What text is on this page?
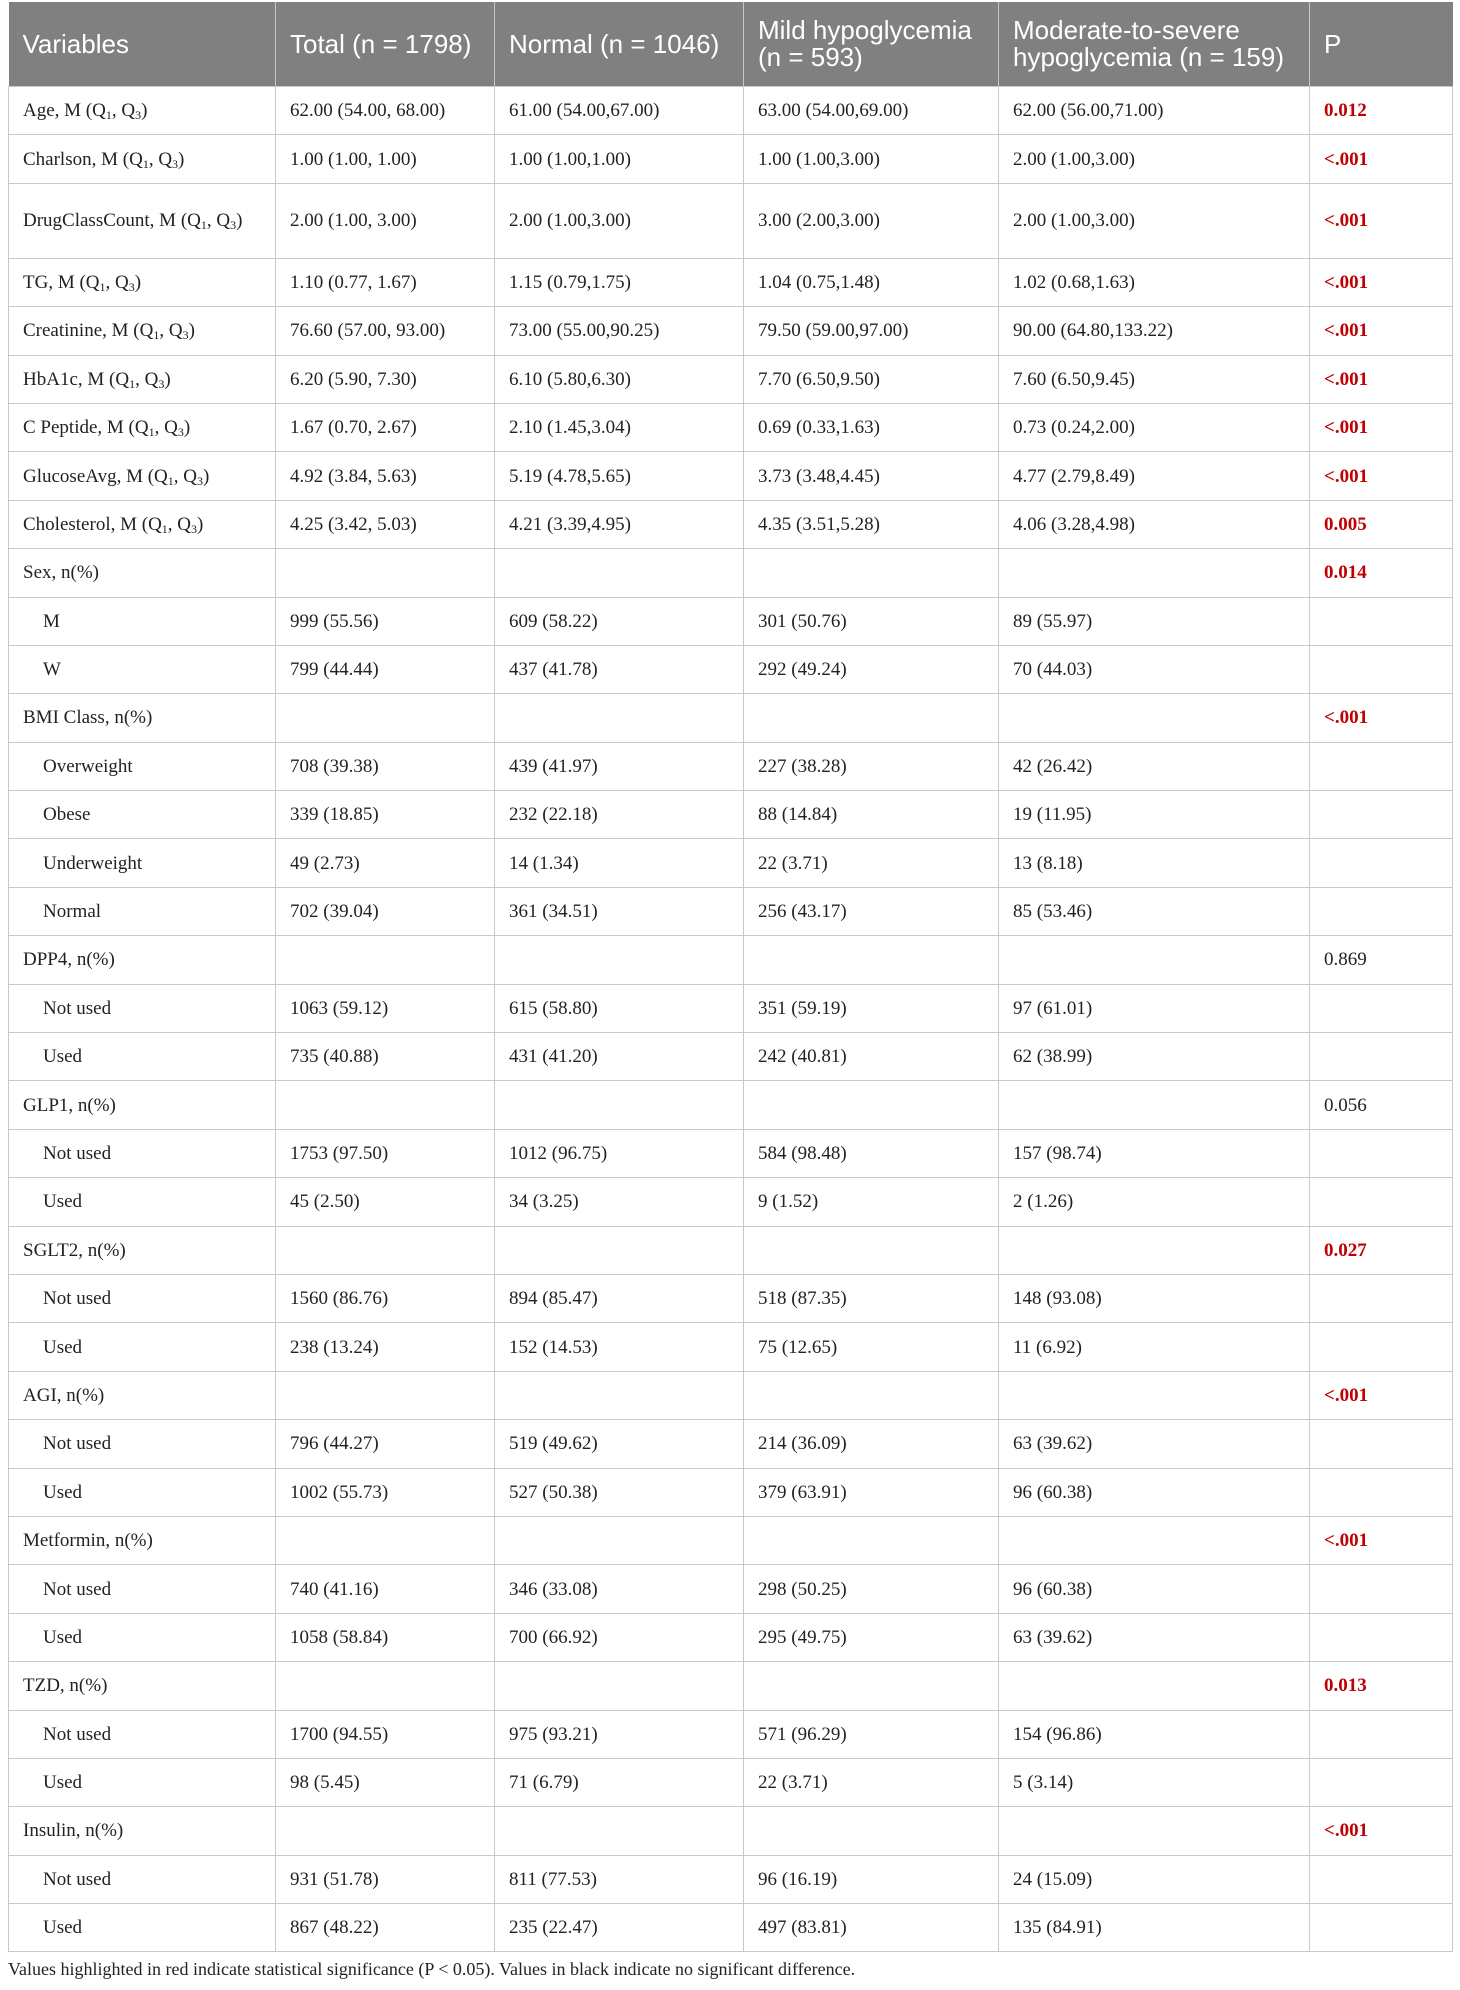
Variables	Total (n = 1798)	Normal (n = 1046)	Mild hypoglycemia (n = 593)	Moderate-to-severe hypoglycemia (n = 159)	P
Age, M ($Q_1$, $Q_3$)	62.00 (54.00, 68.00)	61.00 (54.00,67.00)	63.00 (54.00,69.00)	62.00 (56.00,71.00)	0.012
Charlson, M ($Q_1$, $Q_3$)	1.00 (1.00, 1.00)	1.00 (1.00,1.00)	1.00 (1.00,3.00)	2.00 (1.00,3.00)	<.001
DrugClassCount, M ($Q_1$, $Q_3$)	2.00 (1.00, 3.00)	2.00 (1.00,3.00)	3.00 (2.00,3.00)	2.00 (1.00,3.00)	<.001
TG, M ($Q_1$, $Q_3$)	1.10 (0.77, 1.67)	1.15 (0.79,1.75)	1.04 (0.75,1.48)	1.02 (0.68,1.63)	<.001
Creatinine, M ($Q_1$, $Q_3$)	76.60 (57.00, 93.00)	73.00 (55.00,90.25)	79.50 (59.00,97.00)	90.00 (64.80,133.22)	<.001
HbA1c, M ($Q_1$, $Q_3$)	6.20 (5.90, 7.30)	6.10 (5.80,6.30)	7.70 (6.50,9.50)	7.60 (6.50,9.45)	<.001
C Peptide, M ($Q_1$, $Q_3$)	1.67 (0.70, 2.67)	2.10 (1.45,3.04)	0.69 (0.33,1.63)	0.73 (0.24,2.00)	<.001
GlucoseAvg, M ($Q_1$, $Q_3$)	4.92 (3.84, 5.63)	5.19 (4.78,5.65)	3.73 (3.48,4.45)	4.77 (2.79,8.49)	<.001
Cholesterol, M ($Q_1$, $Q_3$)	4.25 (3.42, 5.03)	4.21 (3.39,4.95)	4.35 (3.51,5.28)	4.06 (3.28,4.98)	0.005
Sex, n(%)					0.014
M	999 (55.56)	609 (58.22)	301 (50.76)	89 (55.97)	
W	799 (44.44)	437 (41.78)	292 (49.24)	70 (44.03)	
BMI Class, n(%)					<.001
Overweight	708 (39.38)	439 (41.97)	227 (38.28)	42 (26.42)	
Obese	339 (18.85)	232 (22.18)	88 (14.84)	19 (11.95)	
Underweight	49 (2.73)	14 (1.34)	22 (3.71)	13 (8.18)	
Normal	702 (39.04)	361 (34.51)	256 (43.17)	85 (53.46)	
DPP4, n(%)					0.869
Not used	1063 (59.12)	615 (58.80)	351 (59.19)	97 (61.01)	
Used	735 (40.88)	431 (41.20)	242 (40.81)	62 (38.99)	
GLP1, n(%)					0.056
Not used	1753 (97.50)	1012 (96.75)	584 (98.48)	157 (98.74)	
Used	45 (2.50)	34 (3.25)	9 (1.52)	2 (1.26)	
SGLT2, n(%)					0.027
Not used	1560 (86.76)	894 (85.47)	518 (87.35)	148 (93.08)	
Used	238 (13.24)	152 (14.53)	75 (12.65)	11 (6.92)	
AGI, n(%)					<.001
Not used	796 (44.27)	519 (49.62)	214 (36.09)	63 (39.62)	
Used	1002 (55.73)	527 (50.38)	379 (63.91)	96 (60.38)	
Metformin, n(%)					<.001
Not used	740 (41.16)	346 (33.08)	298 (50.25)	96 (60.38)	
Used	1058 (58.84)	700 (66.92)	295 (49.75)	63 (39.62)	
TZD, n(%)					0.013
Not used	1700 (94.55)	975 (93.21)	571 (96.29)	154 (96.86)	
Used	98 (5.45)	71 (6.79)	22 (3.71)	5 (3.14)	
Insulin, n(%)					<.001
Not used	931 (51.78)	811 (77.53)	96 (16.19)	24 (15.09)	
Used	867 (48.22)	235 (22.47)	497 (83.81)	135 (84.91)	
Values highlighted in red indicate statistical significance (P < 0.05). Values in black indicate no significant difference.
